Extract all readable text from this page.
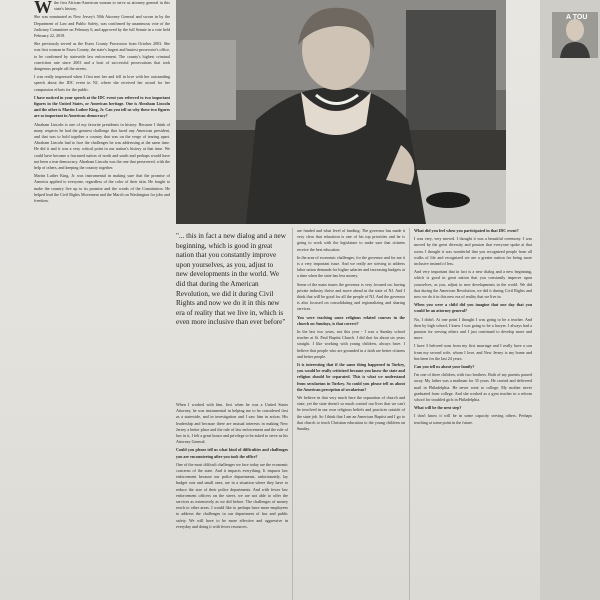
Wthe first African-American woman to serve as attorney general in this state's history.

She was nominated as New Jersey's 58th Attorney General and sworn in by the Department of Law and Public Safety, was confirmed by unanimous vote of the Judiciary Committee on February 6, and approved by the full Senate in a vote held February 22, 2018.

She previously served as the Essex County Prosecutor from October 2003. She was first woman in Essex County, the state's largest and busiest prosecutor's office, to be confirmed by statewide law enforcement. The county's highest criminal conviction rate since 2003 and a host of successful prosecutions that took dangerous people off the streets.

I was really impressed when I first met her and fell in love with her outstanding speech about the IDC event in NJ, where she received her award for her compassion efforts for the public.

I have noticed in your speech at the IDC event you referred to two important figures in the United States, or American heritage. One is Abraham Lincoln and the other is Martin Luther King, Jr. Can you tell us why these two figures are so important in American democracy?

Abraham Lincoln is one of my favorite presidents in history. Because I think of many respects he had the greatest challenge that faced any American president, and that was to hold together a country that was on the verge of tearing apart. Abraham Lincoln had to face the challenges he was addressing at the same time. He did it and it was a very critical point in our nation's history at that time. We could have become a fractured nation of north and south and perhaps would have not been a true democracy. Abraham Lincoln was the one that persevered, with the help of others, and keeping the country together.

Martin Luther King, Jr. was instrumental in making sure that the promise of America applied to everyone, regardless of the color of their skin. He fought to make the country live up to its promise and the words of the Constitution. He helped lead the Civil Rights Movement and the March on Washington for jobs and freedom.

"... this in fact a new dialog and a new beginning, which is good in great nation that you constantly improve upon yourselves, as you, adjust to new developments in the world. We did that during the American Revolution, we did it during Civil Rights and now we do it in this new era of reality that we live in, which is even more inclusive than ever before"

When I worked with him, first when he was a United States Attorney, he was instrumental in helping me to be considered first as a statewide, and in investigation and I saw him in action. His leadership and because there are mutual interests in making New Jersey a better place and the rule of law enforcement and the rule of law in it, I felt a great honor and privilege to be asked to serve as his Attorney General.

Could you please tell us what kind of difficulties and challenges you are encountering after you took the office?

One of the most difficult challenges we face today are the economic concerns of the state. And it impacts everything. It impacts law enforcement because our police departments, unfortunately, lay budget cuts and small ones, are in a situation where they have to reduce the size of their police departments. And with fewer law enforcement officers on the street, we are not able to offer the services as extensively as we did before. The challenges of money reach to other areas. I would like to perhaps have more employees to address the challenges in our department of law and public safety. We will have to be more effective and aggressive in everyday and doing it with fewer resources.

are funded and what level of funding. The governor has made it very clear that education is one of his top priorities and he is going to work with the legislature to make sure that citizens receive the best education.

In the area of economic challenges, for the governor and for me it is a very important issue. And we really are striving to address labor union demands for higher salaries and increasing budgets at a time when the state has less money.

Some of the main issues the governor is very focused on: having private industry thrive and move ahead in the state of NJ. And I think that will be good for all the people of NJ. And the governor is also focused on consolidating and regionalizing and sharing services.

You were teaching some religious related courses in the church on Sundays, is that correct?

In the last two years, not this year - I was a Sunday school teacher at St. Paul Baptist Church. I did that for about six years straight. I like working with young children, always have. I believe that people who are grounded in a faith are better citizens and better people.

It is interesting that if the same thing happened in Turkey, you would be really criticized because you know the state and religion should be separated. This is what we understand from secularism in Turkey. So could you please tell us about the American perception of secularism?

We believe in that very much here the separation of church and state, yet the state doesn't so much control our lives that we can't be involved in our own religious beliefs and practices outside of the state job. So I think that I am an American Baptist and I go to that church to teach Christian education to the young children on Sunday.

What did you feel when you participated in that IDC event?

I was very, very moved. I thought it was a beautiful ceremony. I was moved by the great diversity and passion that everyone spoke at that room. I thought it was wonderful that you recognized people from all walks of life and recognized we are a greater nation for being more inclusive instead of less.

And very important that in fact is a new dialog and a new beginning, which is good in great nation that you constantly improve upon yourselves, as you, adjust to new developments in the world. We did that during the American Revolution, we did it during Civil Rights and now we do it in this new era of reality that we live in.

When you were a child did you imagine that one day that you would be an attorney general?

No, I didn't. At one point I thought I was going to be a teacher. And then by high school, I knew I was going to be a lawyer. I always had a passion for serving others and I just continued to develop more and more.

I have 3 beloved sons from my first marriage and I really have a son from my second wife, whom I love, and New Jersey is my home and has been for the last 24 years.

Can you tell us about your family?

I'm one of three children, with two brothers. Both of my parents passed away. My father was a mailman for 35 years. He carried and delivered mail in Philadelphia. He never went to college. My mother never graduated from college. And she worked as a gym teacher in a reform school for troubled girls in Philadelphia.

What will be the next step?

I don't know it will be in some capacity serving others. Perhaps teaching at some point in the future.

A TOU
